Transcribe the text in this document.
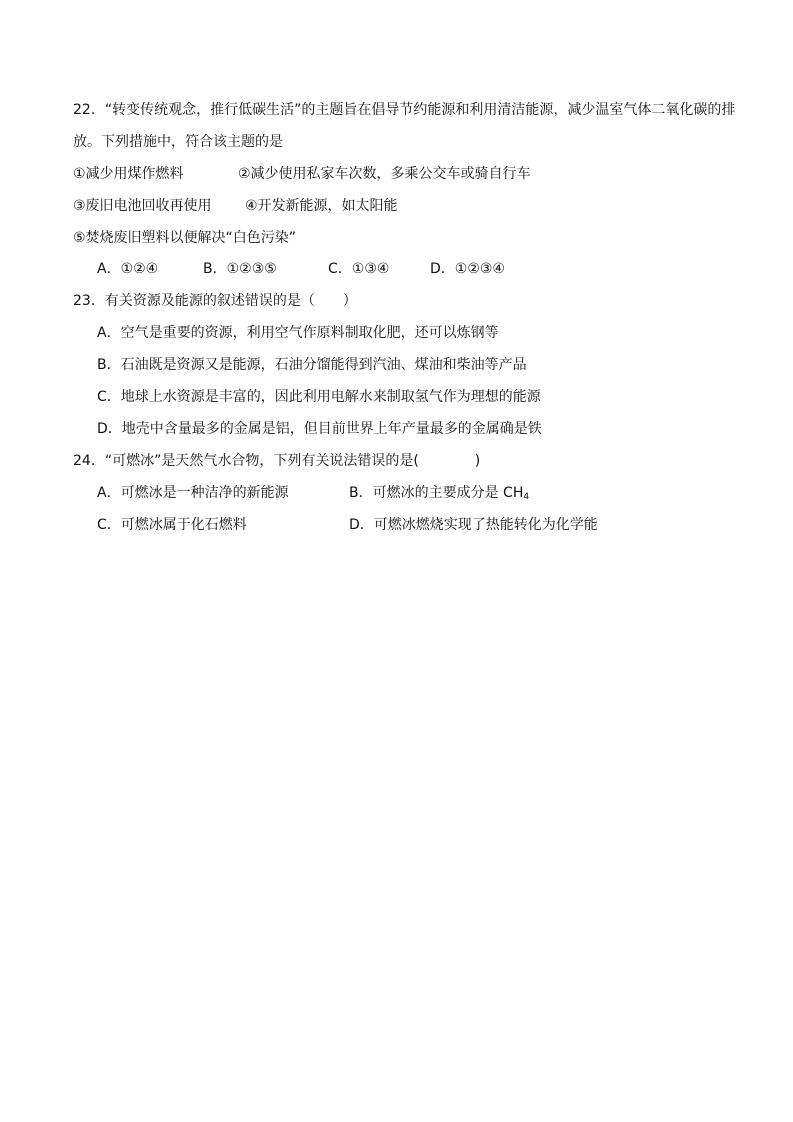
22．“转变传统观念，推行低碳生活”的主题旨在倡导节约能源和利用清洁能源，减少温室气体二氧化碳的排
放。下列措施中，符合该主题的是
①减少用煤作燃料	②减少使用私家车次数，多乘公交车或骑自行车
③废旧电池回收再使用 ④开发新能源，如太阳能
⑤焚烧废旧塑料以便解决“白色污染”
A．①②④	B．①②③⑤	C．①③④	D．①②③④
23．有关资源及能源的叙述错误的是（　　）
A．空气是重要的资源，利用空气作原料制取化肥，还可以炼钢等
B．石油既是资源又是能源，石油分馏能得到汽油、煤油和柴油等产品
C．地球上水资源是丰富的，因此利用电解水来制取氢气作为理想的能源
D．地壳中含量最多的金属是铝，但目前世界上年产量最多的金属确是铁
24．“可燃冰”是天然气水合物，下列有关说法错误的是(　　　　)
A．可燃冰是一种洁净的新能源	B．可燃冰的主要成分是 $CH_4$
C．可燃冰属于化石燃料	D．可燃冰燃烧实现了热能转化为化学能
